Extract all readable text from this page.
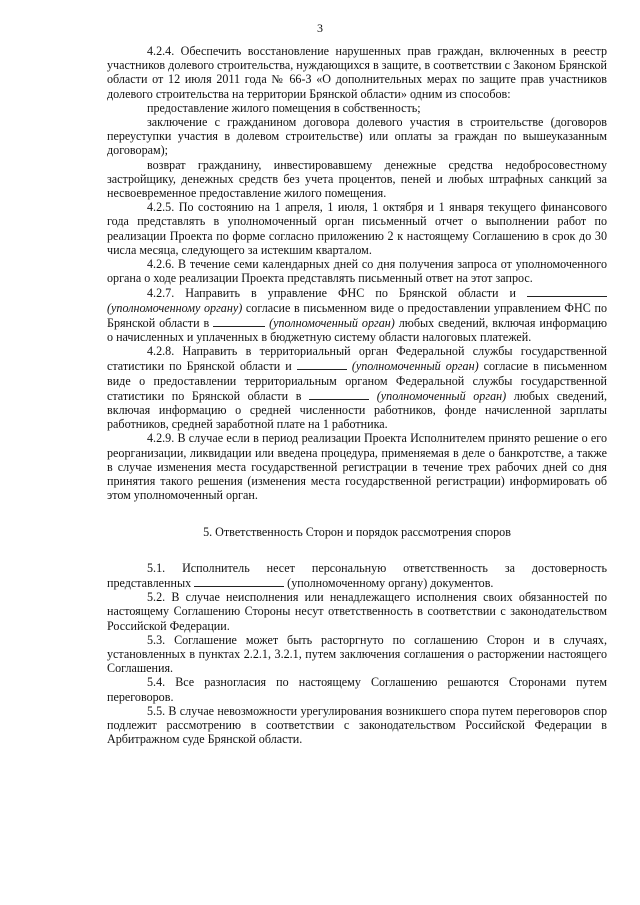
3

4.2.4. Обеспечить восстановление нарушенных прав граждан, включенных в реестр участников долевого строительства, нуждающихся в защите, в соответствии с Законом Брянской области от 12 июля 2011 года № 66-З «О дополнительных мерах по защите прав участников долевого строительства на территории Брянской области» одним из способов:

предоставление жилого помещения в собственность;

заключение с гражданином договора долевого участия в строительстве (договоров переуступки участия в долевом строительстве) или оплаты за граждан по вышеуказанным договорам);

возврат гражданину, инвестировавшему денежные средства недобросовестному застройщику, денежных средств без учета процентов, пеней и любых штрафных санкций за несвоевременное предоставление жилого помещения.

4.2.5. По состоянию на 1 апреля, 1 июля, 1 октября и 1 января текущего финансового года представлять в уполномоченный орган письменный отчет о выполнении работ по реализации Проекта по форме согласно приложению 2 к настоящему Соглашению в срок до 30 числа месяца, следующего за истекшим кварталом.

4.2.6. В течение семи календарных дней со дня получения запроса от уполномоченного органа о ходе реализации Проекта представлять письменный ответ на этот запрос.

4.2.7. Направить в управление ФНС по Брянской области и  (уполномоченному органу) согласие в письменном виде о предоставлении управлением ФНС по Брянской области в	(уполномоченный орган) любых сведений, включая информацию о начисленных и уплаченных в бюджетную систему области налоговых платежей.

4.2.8. Направить в территориальный орган Федеральной службы государственной статистики по Брянской области и	(уполномоченный орган) согласие в письменном виде о предоставлении территориальным органом Федеральной службы государственной статистики по Брянской области в	(уполномоченный орган) любых сведений, включая информацию о средней численности работников, фонде начисленной зарплаты работников, средней заработной плате на 1 работника.

4.2.9. В случае если в период реализации Проекта Исполнителем принято решение о его реорганизации, ликвидации или введена процедура, применяемая в деле о банкротстве, а также в случае изменения места государственной регистрации в течение трех рабочих дней со дня принятия такого решения (изменения места государственной регистрации) информировать об этом уполномоченный орган.

5. Ответственность Сторон и порядок рассмотрения споров

5.1. Исполнитель несет персональную ответственность за достоверность представленных	(уполномоченному органу) документов.

5.2. В случае неисполнения или ненадлежащего исполнения своих обязанностей по настоящему Соглашению Стороны несут ответственность в соответствии с законодательством Российской Федерации.

5.3. Соглашение может быть расторгнуто по соглашению Сторон и в случаях, установленных в пунктах 2.2.1, 3.2.1, путем заключения соглашения о расторжении настоящего Соглашения.

5.4. Все разногласия по настоящему Соглашению решаются Сторонами путем переговоров.

5.5. В случае невозможности урегулирования возникшего спора путем переговоров спор подлежит рассмотрению в соответствии с законодательством Российской Федерации в Арбитражном суде Брянской области.
